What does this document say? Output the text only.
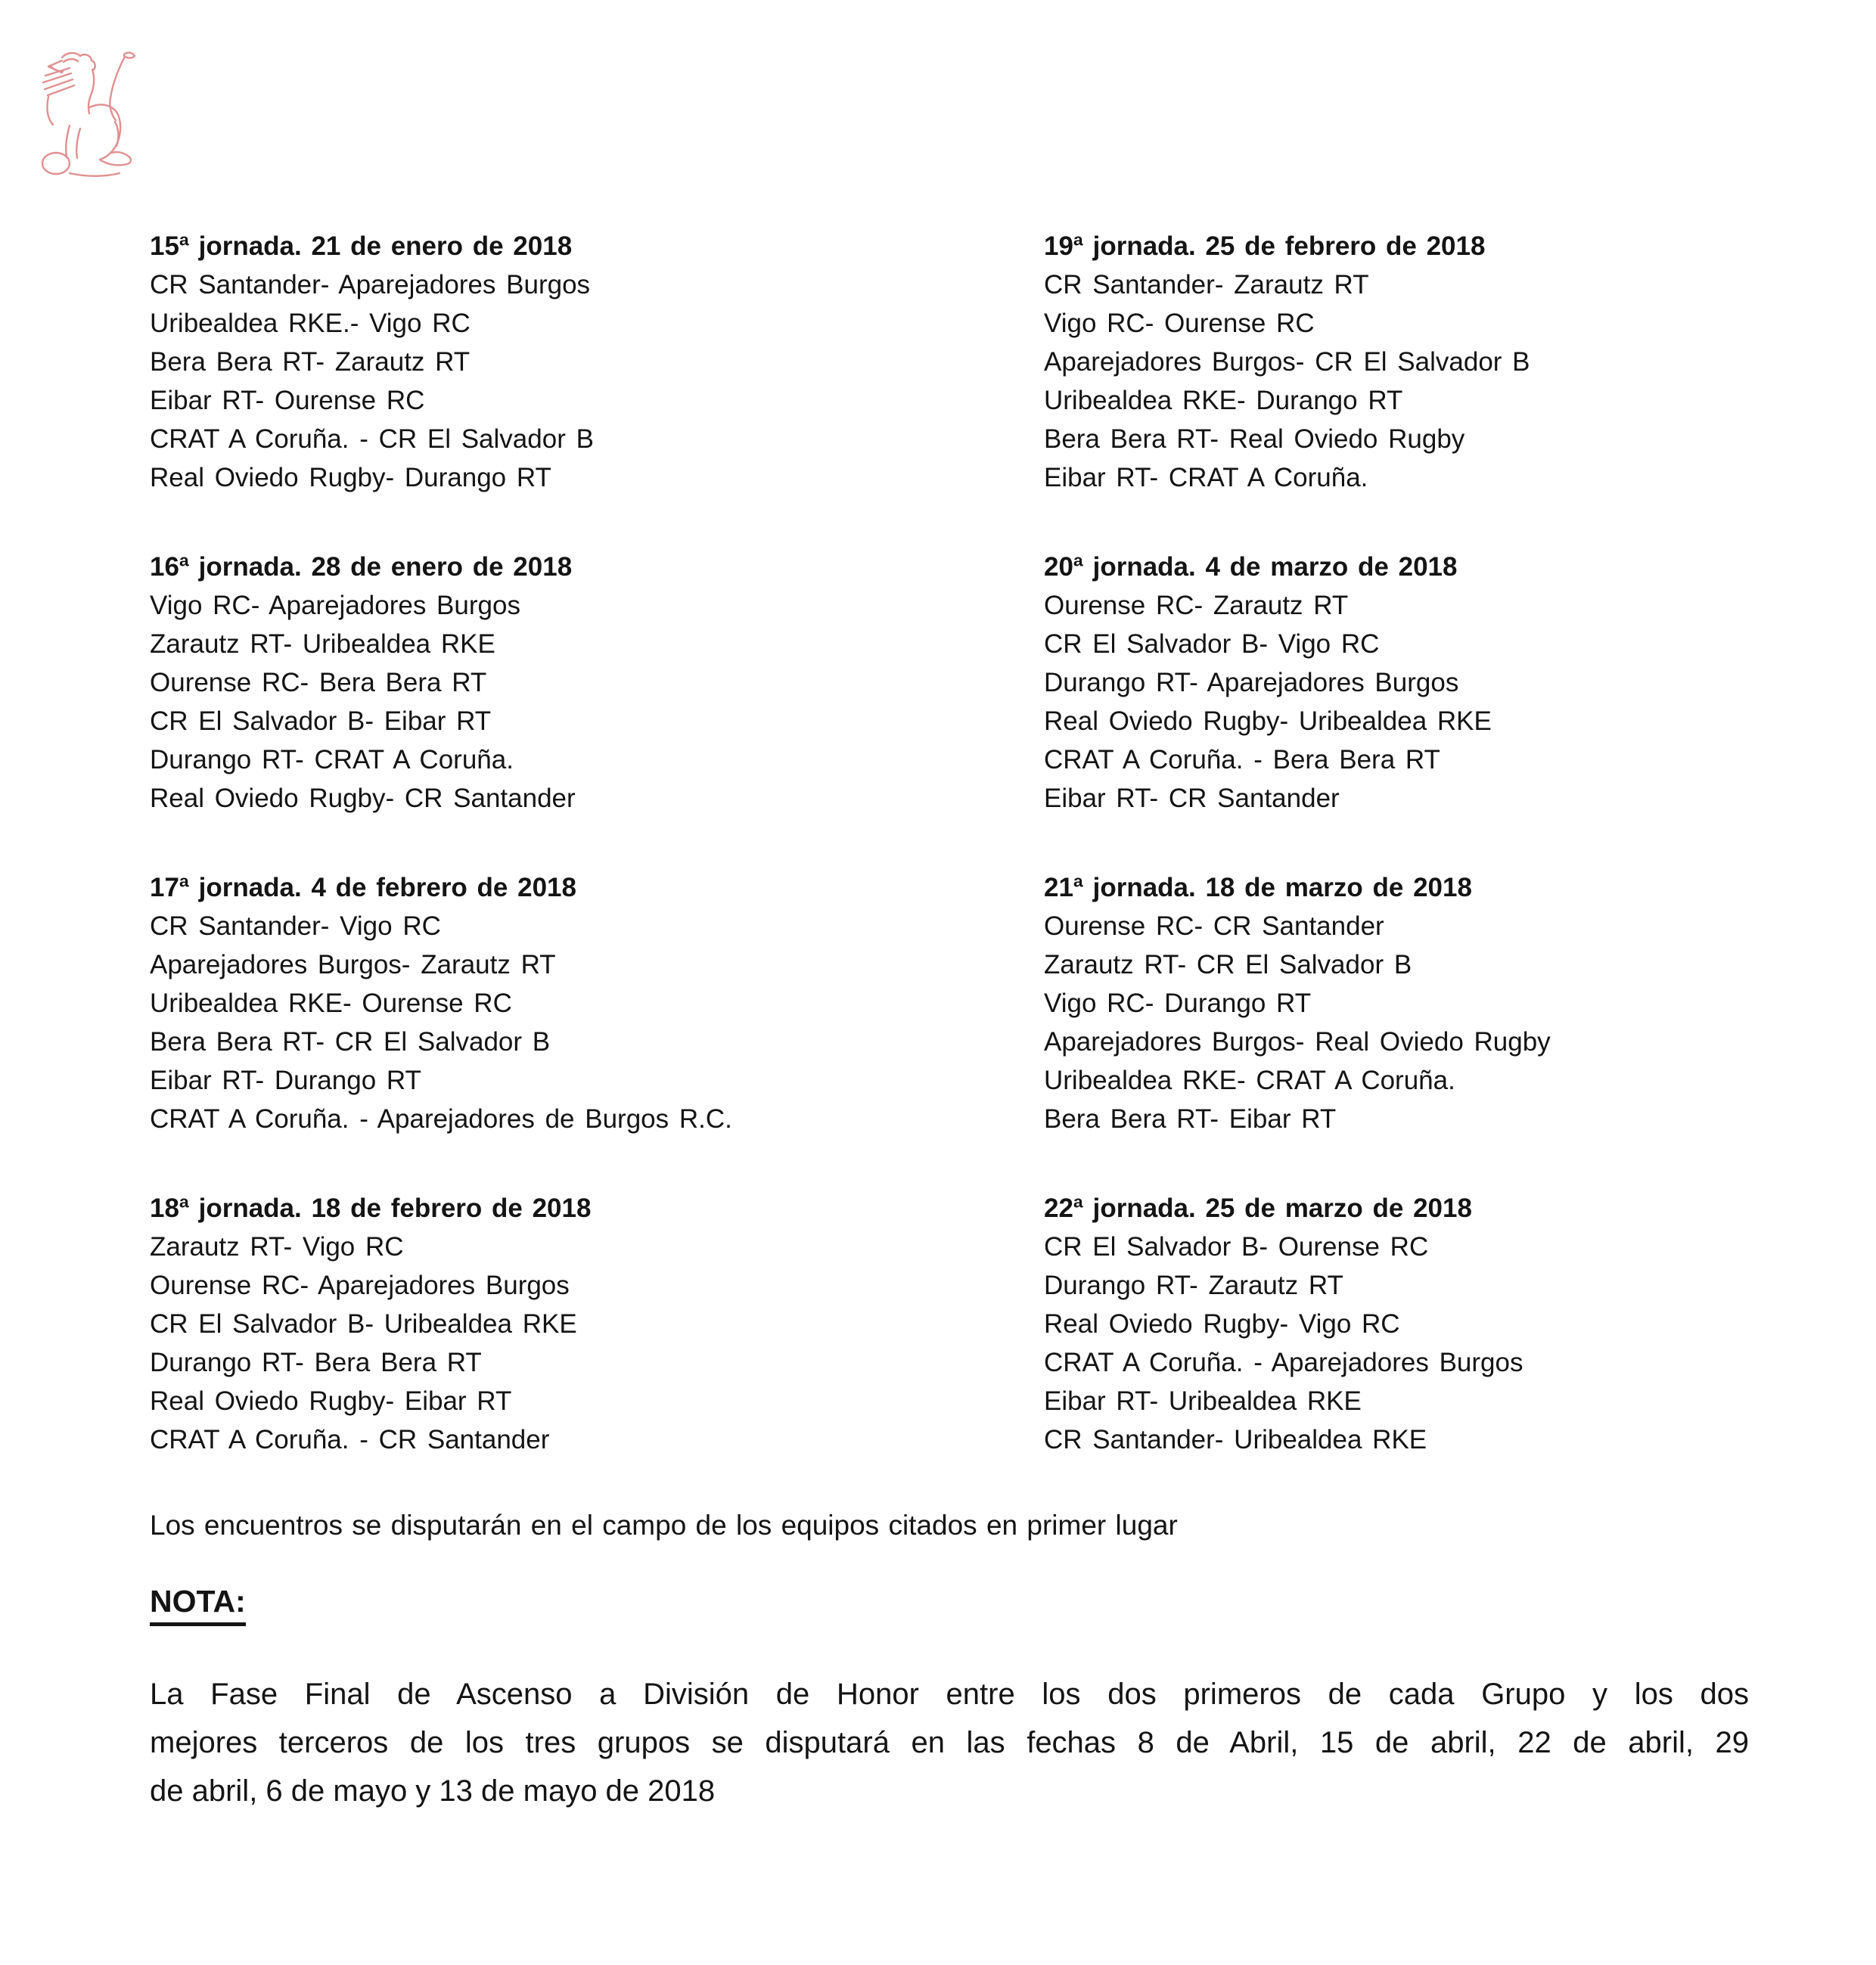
15ª jornada. 21 de enero de 2018
CR Santander- Aparejadores Burgos
Uribealdea RKE.- Vigo RC
Bera Bera RT- Zarautz RT
Eibar RT- Ourense RC
CRAT A Coruña. - CR El Salvador B
Real Oviedo Rugby- Durango RT
16ª jornada. 28 de enero de 2018
Vigo RC- Aparejadores Burgos
Zarautz RT- Uribealdea RKE
Ourense RC- Bera Bera RT
CR El Salvador B- Eibar RT
Durango RT- CRAT A Coruña.
Real Oviedo Rugby- CR Santander
17ª jornada. 4 de febrero de 2018
CR Santander- Vigo RC
Aparejadores Burgos- Zarautz RT
Uribealdea RKE- Ourense RC
Bera Bera RT- CR El Salvador B
Eibar RT- Durango RT
CRAT A Coruña. - Aparejadores de Burgos R.C.
18ª jornada. 18 de febrero de 2018
Zarautz RT- Vigo RC
Ourense RC- Aparejadores Burgos
CR El Salvador B- Uribealdea RKE
Durango RT- Bera Bera RT
Real Oviedo Rugby- Eibar RT
CRAT A Coruña. - CR Santander
19ª jornada. 25 de febrero de 2018
CR Santander- Zarautz RT
Vigo RC- Ourense RC
Aparejadores Burgos- CR El Salvador B
Uribealdea RKE- Durango RT
Bera Bera RT- Real Oviedo Rugby
Eibar RT- CRAT A Coruña.
20ª jornada. 4 de marzo de 2018
Ourense RC- Zarautz RT
CR El Salvador B- Vigo RC
Durango RT- Aparejadores Burgos
Real Oviedo Rugby- Uribealdea RKE
CRAT A Coruña. - Bera Bera RT
Eibar RT- CR Santander
21ª jornada. 18 de marzo de 2018
Ourense RC- CR Santander
Zarautz RT- CR El Salvador B
Vigo RC- Durango RT
Aparejadores Burgos- Real Oviedo Rugby
Uribealdea RKE- CRAT A Coruña.
Bera Bera RT- Eibar RT
22ª jornada. 25 de marzo de 2018
CR El Salvador B- Ourense RC
Durango RT- Zarautz RT
Real Oviedo Rugby- Vigo RC
CRAT A Coruña. - Aparejadores Burgos
Eibar RT- Uribealdea RKE
CR Santander- Uribealdea RKE
Los encuentros se disputarán en el campo de los equipos citados en primer lugar
NOTA:
La Fase Final de Ascenso a División de Honor entre los dos primeros de cada Grupo y los dos
mejores terceros de los tres grupos se disputará en las fechas 8 de Abril, 15 de abril, 22 de abril, 29
de abril, 6 de mayo y 13 de mayo de 2018
